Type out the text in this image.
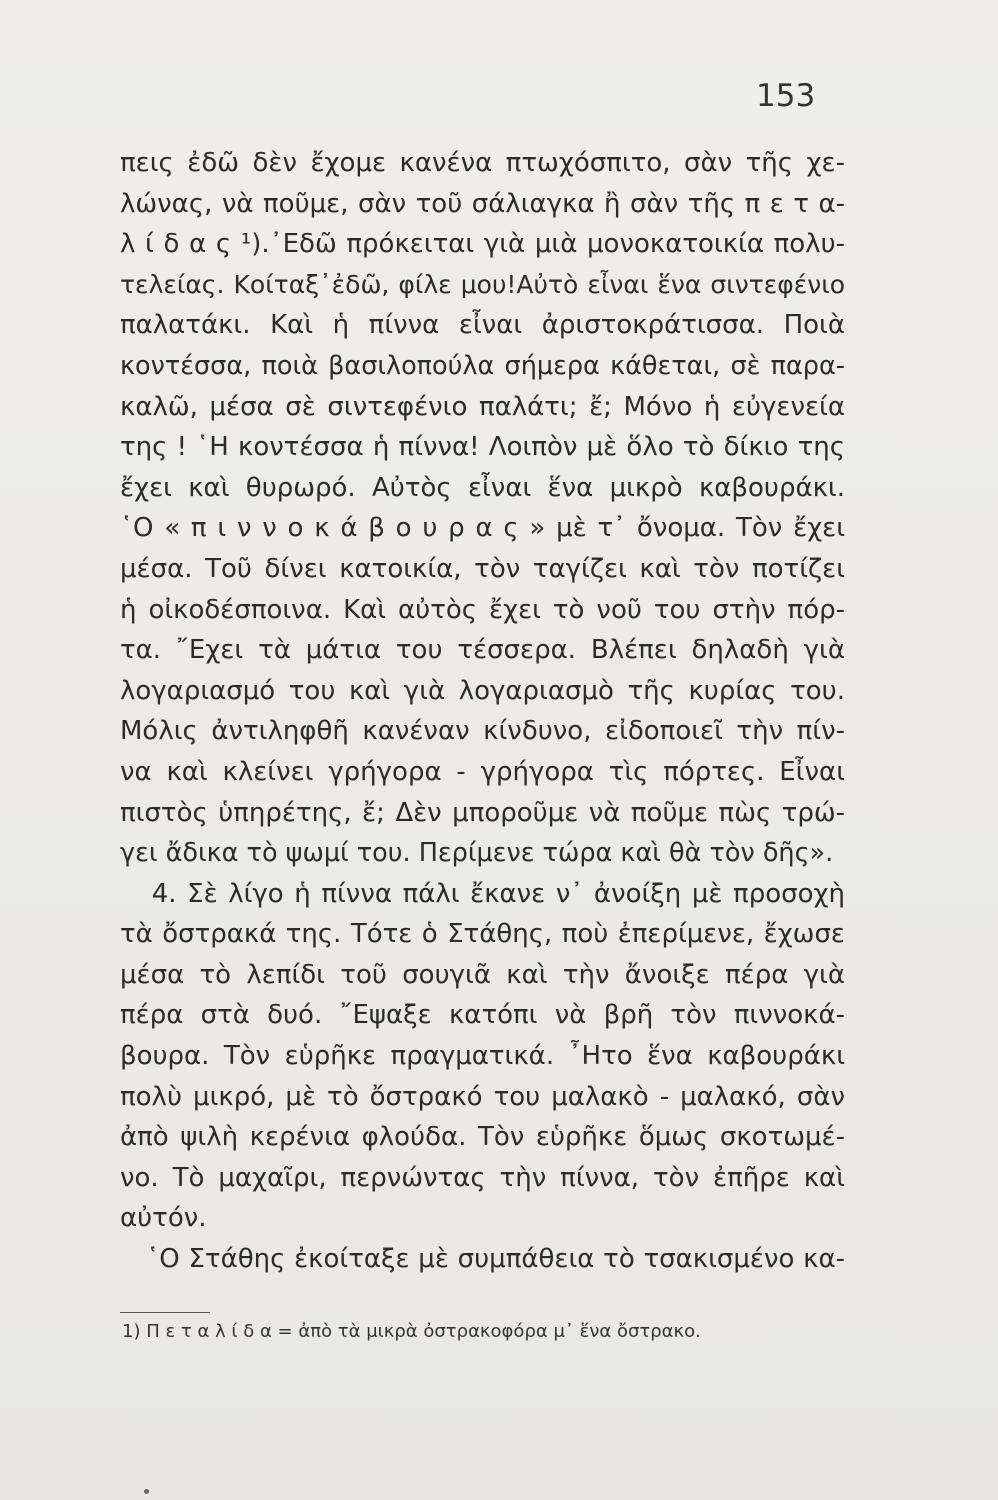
153
πεις ἐδῶ δὲν ἔχομε κανένα πτωχόσπιτο, σὰν τῆς χε-
λώνας, νὰ ποῦμε, σὰν τοῦ σάλιαγκα ἢ σὰν τῆς π ε τ α-
λ ί δ α ς ¹).᾿Εδῶ πρόκειται γιὰ μιὰ μονοκατοικία πολυ-
τελείας. Κοίταξ᾿ἐδῶ, φίλε μου!Αὐτὸ εἶναι ἕνα σιντεφένιο
παλατάκι. Καὶ ἡ πίννα εἶναι ἀριστοκράτισσα. Ποιὰ
κοντέσσα, ποιὰ βασιλοπούλα σήμερα κάθεται, σὲ παρα-
καλῶ, μέσα σὲ σιντεφένιο παλάτι; ἔ; Μόνο ἡ εὐγενεία
της ! ῾Η κοντέσσα ἡ πίννα! Λοιπὸν μὲ ὅλο τὸ δίκιο της
ἔχει καὶ θυρωρό. Αὐτὸς εἶναι ἕνα μικρὸ καβουράκι.
῾Ο « π ι ν ν ο κ ά β ο υ ρ α ς » μὲ τ᾿ ὄνομα. Τὸν ἔχει
μέσα. Τοῦ δίνει κατοικία, τὸν ταγίζει καὶ τὸν ποτίζει
ἡ οἰκοδέσποινα. Καὶ αὐτὸς ἔχει τὸ νοῦ του στὴν πόρ-
τα. ῎Εχει τὰ μάτια του τέσσερα. Βλέπει δηλαδὴ γιὰ
λογαριασμό του καὶ γιὰ λογαριασμὸ τῆς κυρίας του.
Μόλις ἀντιληφθῆ κανέναν κίνδυνο, εἰδοποιεῖ τὴν πίν-
να καὶ κλείνει γρήγορα - γρήγορα τὶς πόρτες. Εἶναι
πιστὸς ὑπηρέτης, ἔ; Δὲν μποροῦμε νὰ ποῦμε πὼς τρώ-
γει ἄδικα τὸ ψωμί του. Περίμενε τώρα καὶ θὰ τὸν δῆς».
4. Σὲ λίγο ἡ πίννα πάλι ἔκανε ν᾿ ἀνοίξη μὲ προσοχὴ
τὰ ὄστρακά της. Τότε ὁ Στάθης, ποὺ ἐπερίμενε, ἔχωσε
μέσα τὸ λεπίδι τοῦ σουγιᾶ καὶ τὴν ἄνοιξε πέρα γιὰ
πέρα στὰ δυό. ῎Εψαξε κατόπι νὰ βρῆ τὸν πιννοκά-
βουρα. Τὸν εὑρῆκε πραγματικά. ῏Ητο ἕνα καβουράκι
πολὺ μικρό, μὲ τὸ ὄστρακό του μαλακὸ - μαλακό, σὰν
ἀπὸ ψιλὴ κερένια φλούδα. Τὸν εὑρῆκε ὅμως σκοτωμέ-
νο. Τὸ μαχαῖρι, περνώντας τὴν πίννα, τὸν ἐπῆρε καὶ
αὐτόν.
῾Ο Στάθης ἐκοίταξε μὲ συμπάθεια τὸ τσακισμένο κα-
1) Π ε τ α λ ί δ α = ἀπὸ τὰ μικρὰ ὀστρακοφόρα μ᾿ ἕνα ὄστρακο.
